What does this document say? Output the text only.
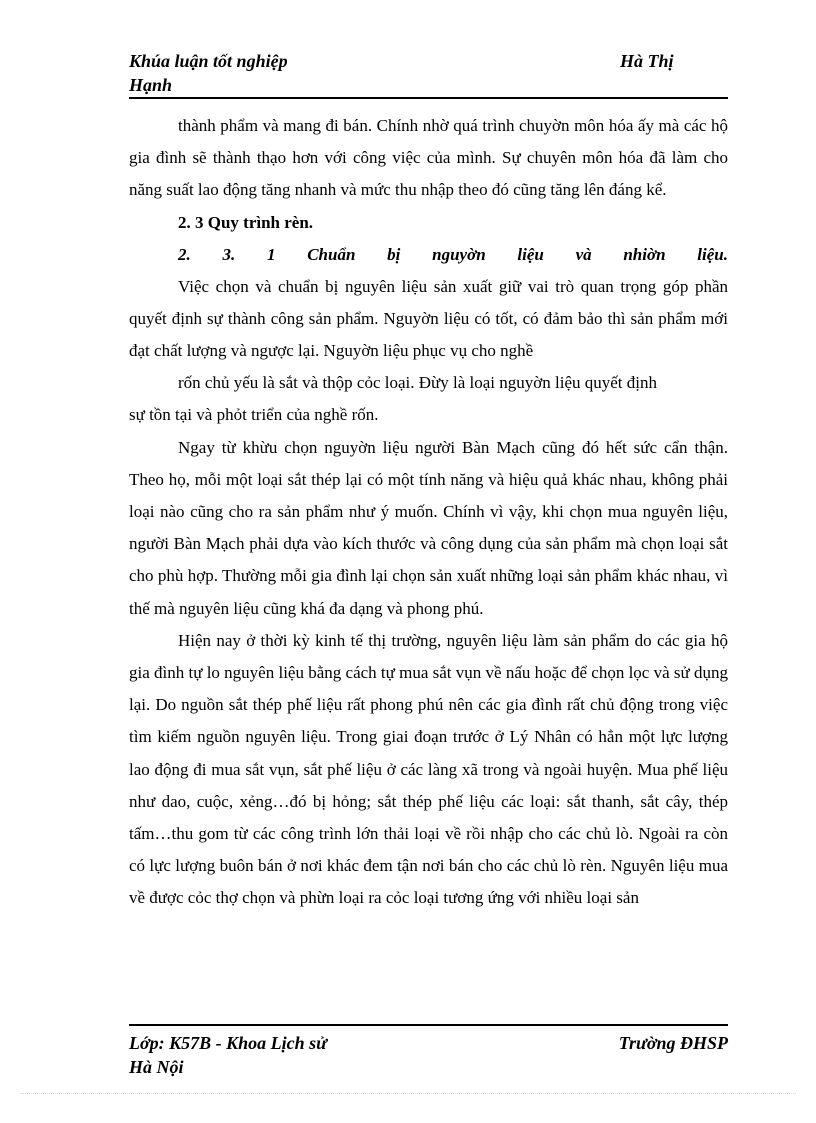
Khúa luận tốt nghiệp	Hà Thị
Hạnh

thành phẩm và mang đi bán. Chính nhờ quá trình chuyờn môn hóa ấy mà các hộ gia đình sẽ thành thạo hơn với công việc của mình. Sự chuyên môn hóa đã làm cho năng suất lao động tăng nhanh và mức thu nhập theo đó cũng tăng lên đáng kể.

2. 3 Quy trình rèn.

2. 3. 1 Chuẩn bị nguyờn liệu và nhiờn liệu.

Việc chọn và chuẩn bị nguyên liệu sản xuất giữ vai trò quan trọng góp phần quyết định sự thành công sản phẩm. Nguyờn liệu có tốt, có đảm bảo thì sản phẩm mới đạt chất lượng và ngược lại. Nguyờn liệu phục vụ cho nghề

rốn chủ yếu là sắt và thộp cỏc loại. Đừy là loại nguyờn liệu quyết định

sự tồn tại và phỏt triển của nghề rốn.

Ngay từ khừu chọn nguyờn liệu người Bàn Mạch cũng đó hết sức cẩn thận. Theo họ, mỗi một loại sắt thép lại có một tính năng và hiệu quả khác nhau, không phải loại nào cũng cho ra sản phẩm như ý muốn. Chính vì vậy, khi chọn mua nguyên liệu, người Bàn Mạch phải dựa vào kích thước và công dụng của sản phẩm mà chọn loại sắt cho phù hợp. Thường mỗi gia đình lại chọn sản xuất những loại sản phẩm khác nhau, vì thế mà nguyên liệu cũng khá đa dạng và phong phú.

Hiện nay ở thời kỳ kinh tế thị trường, nguyên liệu làm sản phẩm do các gia hộ gia đình tự lo nguyên liệu bằng cách tự mua sắt vụn về nấu hoặc để chọn lọc và sử dụng lại. Do nguồn sắt thép phế liệu rất phong phú nên các gia đình rất chủ động trong việc tìm kiếm nguồn nguyên liệu. Trong giai đoạn trước ở Lý Nhân có hẳn một lực lượng lao động đi mua sắt vụn, sắt phế liệu ở các làng xã trong và ngoài huyện. Mua phế liệu như dao, cuộc, xẻng…đó bị hỏng; sắt thép phế liệu các loại: sắt thanh, sắt cây, thép tấm…thu gom từ các công trình lớn thải loại về rồi nhập cho các chủ lò. Ngoài ra còn có lực lượng buôn bán ở nơi khác đem tận nơi bán cho các chủ lò rèn. Nguyên liệu mua về được cỏc thợ chọn và phừn loại ra cỏc loại tương ứng với nhiều loại sản

Lớp: K57B - Khoa Lịch sử	Trường ĐHSP
Hà Nội
